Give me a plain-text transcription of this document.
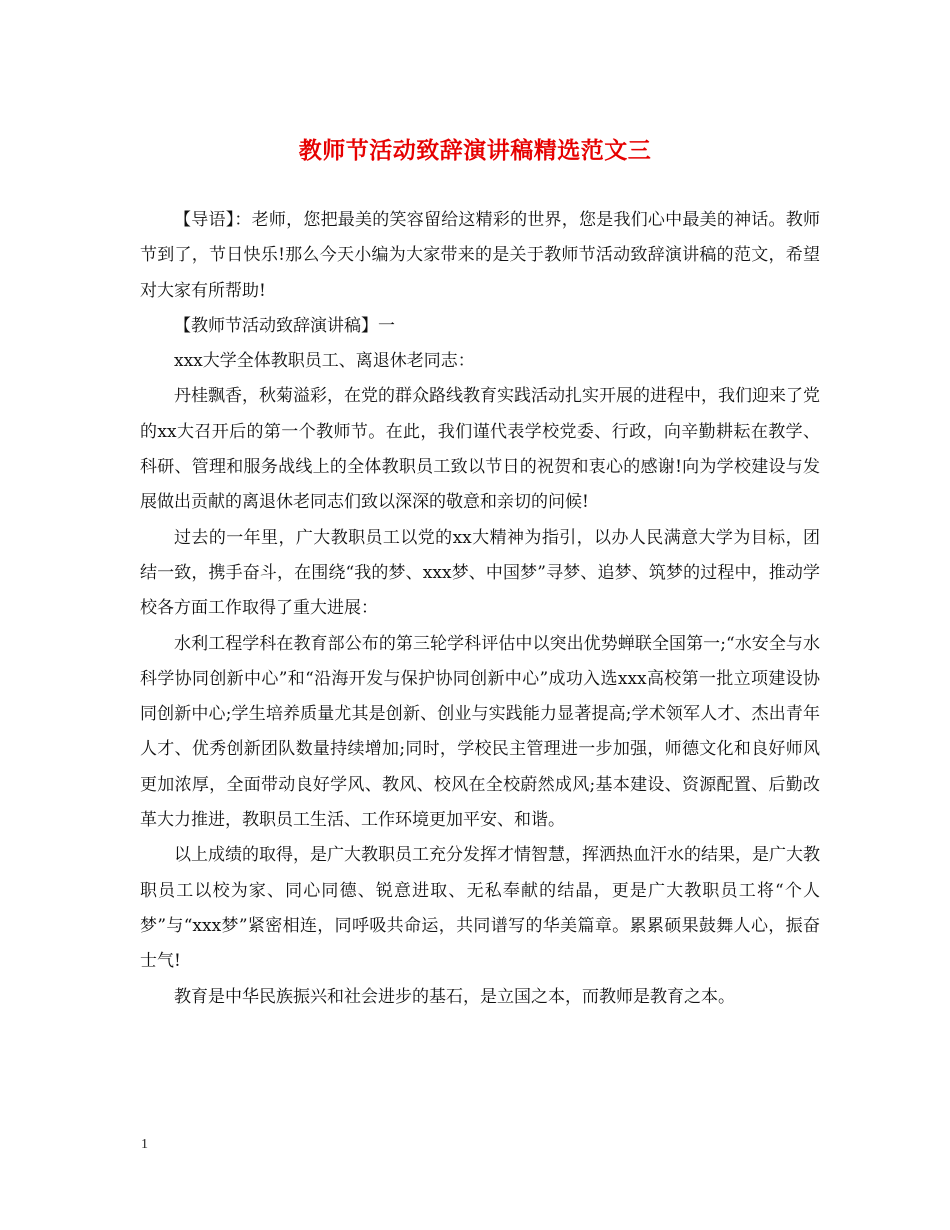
教师节活动致辞演讲稿精选范文三

【导语】：老师，您把最美的笑容留给这精彩的世界，您是我们心中最美的神话。教师节到了，节日快乐!那么今天小编为大家带来的是关于教师节活动致辞演讲稿的范文，希望对大家有所帮助!

【教师节活动致辞演讲稿】一

xxx大学全体教职员工、离退休老同志：

丹桂飘香，秋菊溢彩，在党的群众路线教育实践活动扎实开展的进程中，我们迎来了党的xx大召开后的第一个教师节。在此，我们谨代表学校党委、行政，向辛勤耕耘在教学、科研、管理和服务战线上的全体教职员工致以节日的祝贺和衷心的感谢!向为学校建设与发展做出贡献的离退休老同志们致以深深的敬意和亲切的问候!

过去的一年里，广大教职员工以党的xx大精神为指引，以办人民满意大学为目标，团结一致，携手奋斗，在围绕“我的梦、xxx梦、中国梦”寻梦、追梦、筑梦的过程中，推动学校各方面工作取得了重大进展：

水利工程学科在教育部公布的第三轮学科评估中以突出优势蝉联全国第一;“水安全与水科学协同创新中心”和“沿海开发与保护协同创新中心”成功入选xxx高校第一批立项建设协同创新中心;学生培养质量尤其是创新、创业与实践能力显著提高;学术领军人才、杰出青年人才、优秀创新团队数量持续增加;同时，学校民主管理进一步加强，师德文化和良好师风更加浓厚，全面带动良好学风、教风、校风在全校蔚然成风;基本建设、资源配置、后勤改革大力推进，教职员工生活、工作环境更加平安、和谐。

以上成绩的取得，是广大教职员工充分发挥才情智慧，挥洒热血汗水的结果，是广大教职员工以校为家、同心同德、锐意进取、无私奉献的结晶，更是广大教职员工将“个人梦”与“xxx梦”紧密相连，同呼吸共命运，共同谱写的华美篇章。累累硕果鼓舞人心，振奋士气!

教育是中华民族振兴和社会进步的基石，是立国之本，而教师是教育之本。

1
